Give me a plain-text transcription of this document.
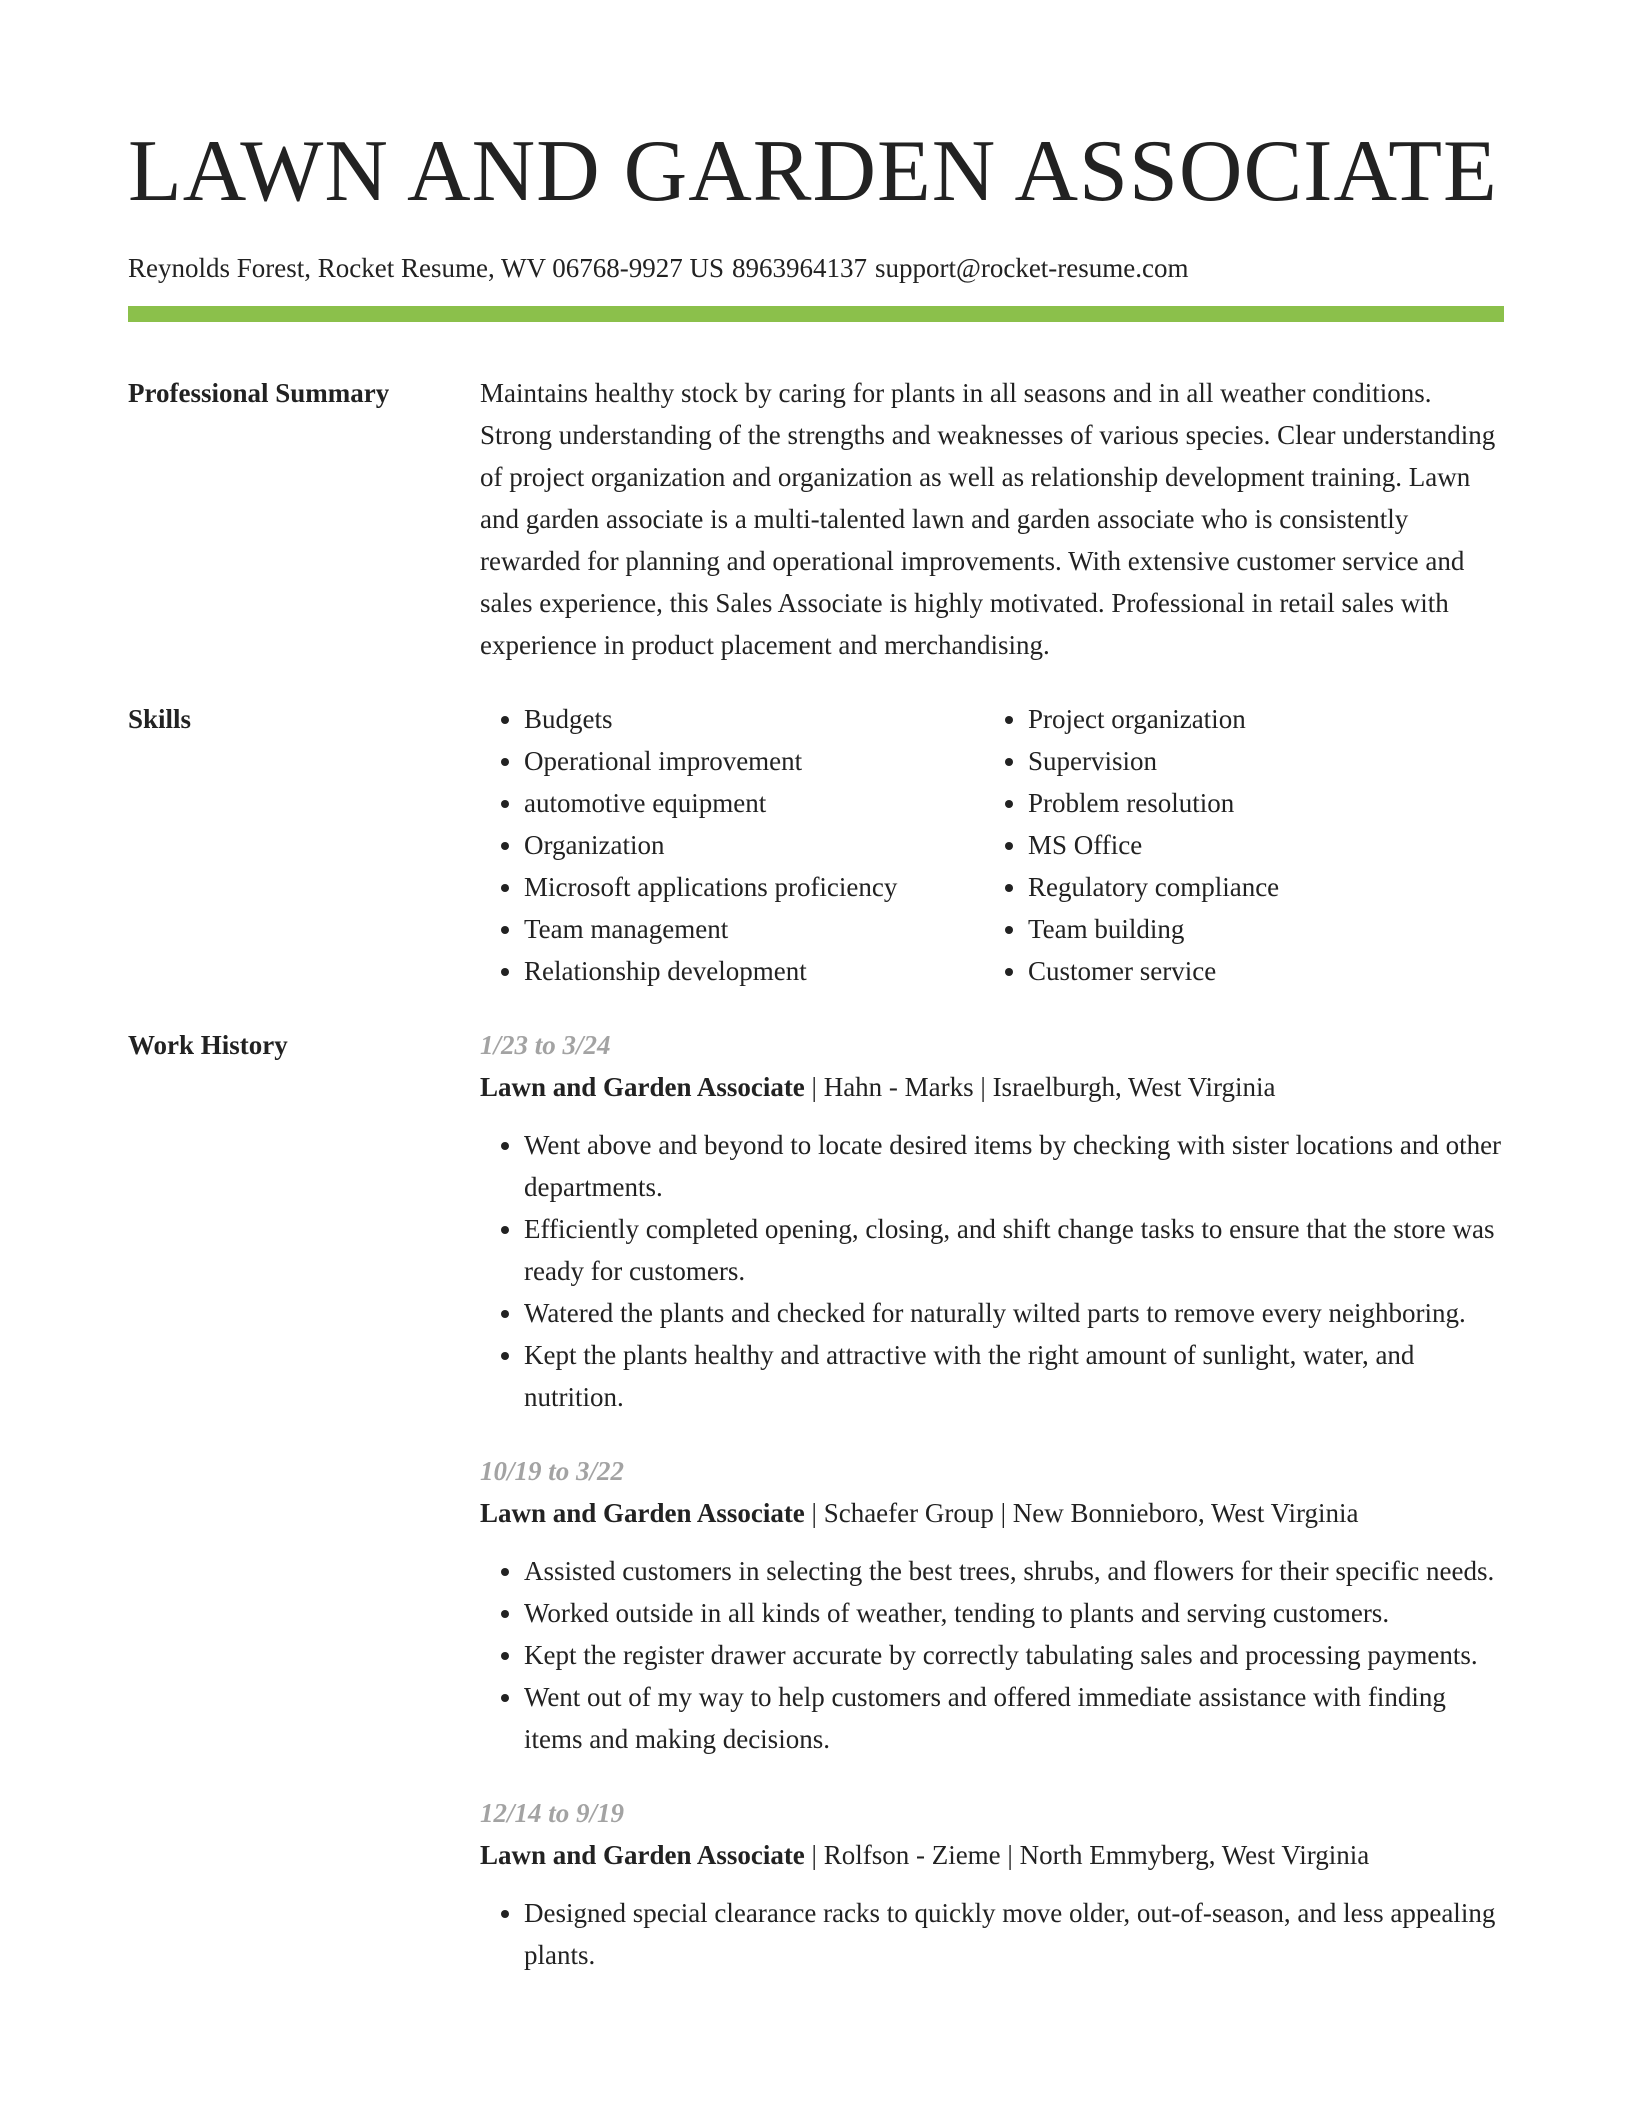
LAWN AND GARDEN ASSOCIATE
Reynolds Forest, Rocket Resume, WV 06768-9927 US 8963964137 support@rocket-resume.com
Professional Summary	Maintains healthy stock by caring for plants in all seasons and in all weather conditions. Strong understanding of the strengths and weaknesses of various species. Clear understanding of project organization and organization as well as relationship development training. Lawn and garden associate is a multi-talented lawn and garden associate who is consistently rewarded for planning and operational improvements. With extensive customer service and sales experience, this Sales Associate is highly motivated. Professional in retail sales with experience in product placement and merchandising.
Skills
•	Budgets
• Operational improvement
• automotive equipment
• Organization
• Microsoft applications proficiency
• Team management
• Relationship development
• Project organization
• Supervision
• Problem resolution
• MS Office
• Regulatory compliance
• Team building
• Customer service
Work History	1/23 to 3/24
Lawn and Garden Associate | Hahn - Marks | Israelburgh, West Virginia
• Went above and beyond to locate desired items by checking with sister locations and other departments.
• Efficiently completed opening, closing, and shift change tasks to ensure that the store was ready for customers.
• Watered the plants and checked for naturally wilted parts to remove every neighboring.
• Kept the plants healthy and attractive with the right amount of sunlight, water, and nutrition.
10/19 to 3/22
Lawn and Garden Associate | Schaefer Group | New Bonnieboro, West Virginia
• Assisted customers in selecting the best trees, shrubs, and flowers for their specific needs.
• Worked outside in all kinds of weather, tending to plants and serving customers.
• Kept the register drawer accurate by correctly tabulating sales and processing payments.
• Went out of my way to help customers and offered immediate assistance with finding items and making decisions.
12/14 to 9/19
Lawn and Garden Associate | Rolfson - Zieme | North Emmyberg, West Virginia
• Designed special clearance racks to quickly move older, out-of-season, and less appealing plants.
